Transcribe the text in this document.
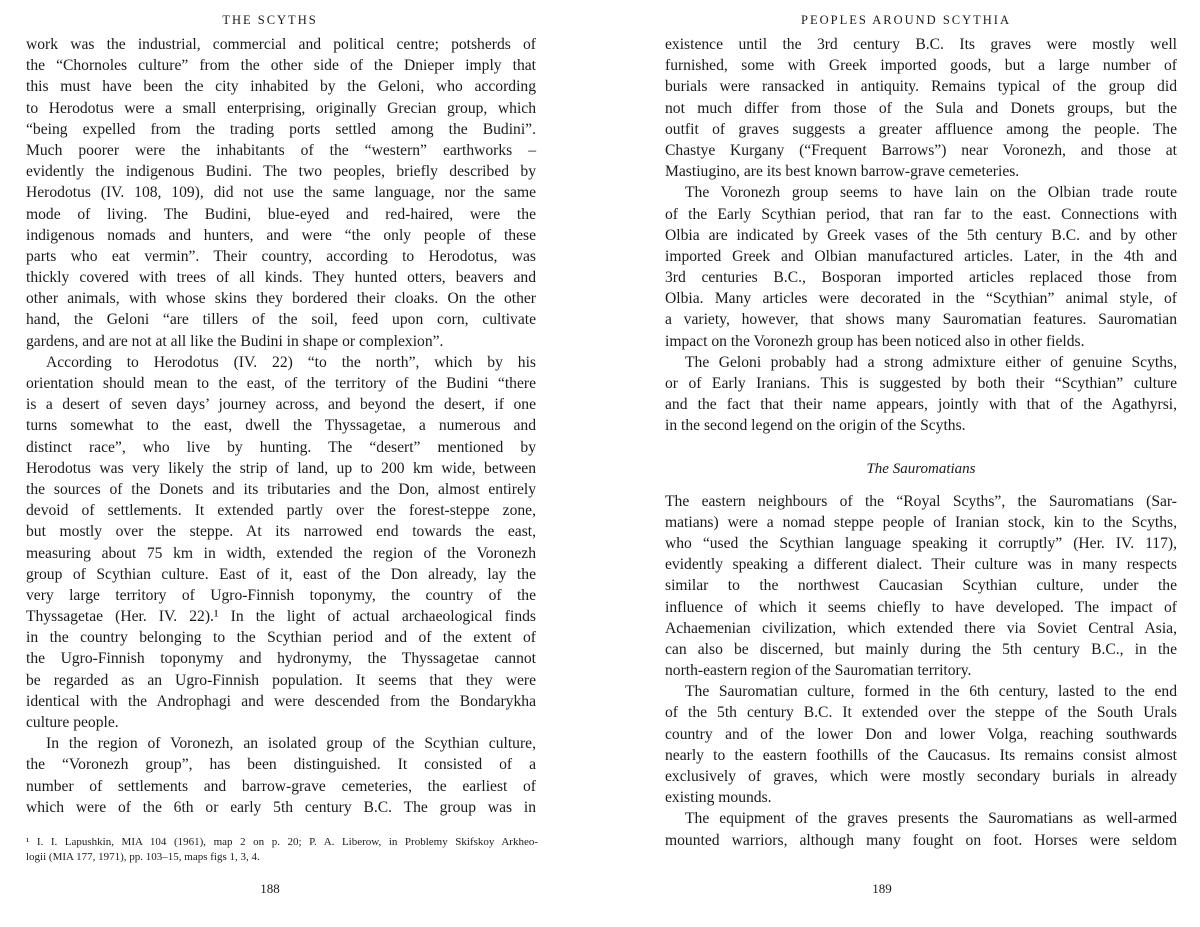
THE SCYTHS
work was the industrial, commercial and political centre; potsherds of
the “Chornoles culture” from the other side of the Dnieper imply that
this must have been the city inhabited by the Geloni, who according
to Herodotus were a small enterprising, originally Grecian group, which
“being expelled from the trading ports settled among the Budini”.
Much poorer were the inhabitants of the “western” earthworks –
evidently the indigenous Budini. The two peoples, briefly described by
Herodotus (IV. 108, 109), did not use the same language, nor the same
mode of living. The Budini, blue-eyed and red-haired, were the
indigenous nomads and hunters, and were “the only people of these
parts who eat vermin”. Their country, according to Herodotus, was
thickly covered with trees of all kinds. They hunted otters, beavers and
other animals, with whose skins they bordered their cloaks. On the other
hand, the Geloni “are tillers of the soil, feed upon corn, cultivate
gardens, and are not at all like the Budini in shape or complexion”.
According to Herodotus (IV. 22) “to the north”, which by his
orientation should mean to the east, of the territory of the Budini “there
is a desert of seven days’ journey across, and beyond the desert, if one
turns somewhat to the east, dwell the Thyssagetae, a numerous and
distinct race”, who live by hunting. The “desert” mentioned by
Herodotus was very likely the strip of land, up to 200 km wide, between
the sources of the Donets and its tributaries and the Don, almost entirely
devoid of settlements. It extended partly over the forest-steppe zone,
but mostly over the steppe. At its narrowed end towards the east,
measuring about 75 km in width, extended the region of the Voronezh
group of Scythian culture. East of it, east of the Don already, lay the
very large territory of Ugro-Finnish toponymy, the country of the
Thyssagetae (Her. IV. 22).¹ In the light of actual archaeological finds
in the country belonging to the Scythian period and of the extent of
the Ugro-Finnish toponymy and hydronymy, the Thyssagetae cannot
be regarded as an Ugro-Finnish population. It seems that they were
identical with the Androphagi and were descended from the Bondarykha
culture people.
In the region of Voronezh, an isolated group of the Scythian culture,
the “Voronezh group”, has been distinguished. It consisted of a
number of settlements and barrow-grave cemeteries, the earliest of
which were of the 6th or early 5th century B.C. The group was in
¹ I. I. Lapushkin, MIA 104 (1961), map 2 on p. 20; P. A. Liberow, in Problemy Skifskoy Arkheo-
logii (MIA 177, 1971), pp. 103–15, maps figs 1, 3, 4.
188
PEOPLES AROUND SCYTHIA
existence until the 3rd century B.C. Its graves were mostly well
furnished, some with Greek imported goods, but a large number of
burials were ransacked in antiquity. Remains typical of the group did
not much differ from those of the Sula and Donets groups, but the
outfit of graves suggests a greater affluence among the people. The
Chastye Kurgany (“Frequent Barrows”) near Voronezh, and those at
Mastiugino, are its best known barrow-grave cemeteries.
The Voronezh group seems to have lain on the Olbian trade route
of the Early Scythian period, that ran far to the east. Connections with
Olbia are indicated by Greek vases of the 5th century B.C. and by other
imported Greek and Olbian manufactured articles. Later, in the 4th and
3rd centuries B.C., Bosporan imported articles replaced those from
Olbia. Many articles were decorated in the “Scythian” animal style, of
a variety, however, that shows many Sauromatian features. Sauromatian
impact on the Voronezh group has been noticed also in other fields.
The Geloni probably had a strong admixture either of genuine Scyths,
or of Early Iranians. This is suggested by both their “Scythian” culture
and the fact that their name appears, jointly with that of the Agathyrsi,
in the second legend on the origin of the Scyths.
The Sauromatians
The eastern neighbours of the “Royal Scyths”, the Sauromatians (Sar-
matians) were a nomad steppe people of Iranian stock, kin to the Scyths,
who “used the Scythian language speaking it corruptly” (Her. IV. 117),
evidently speaking a different dialect. Their culture was in many respects
similar to the northwest Caucasian Scythian culture, under the
influence of which it seems chiefly to have developed. The impact of
Achaemenian civilization, which extended there via Soviet Central Asia,
can also be discerned, but mainly during the 5th century B.C., in the
north-eastern region of the Sauromatian territory.
The Sauromatian culture, formed in the 6th century, lasted to the end
of the 5th century B.C. It extended over the steppe of the South Urals
country and of the lower Don and lower Volga, reaching southwards
nearly to the eastern foothills of the Caucasus. Its remains consist almost
exclusively of graves, which were mostly secondary burials in already
existing mounds.
The equipment of the graves presents the Sauromatians as well-armed
mounted warriors, although many fought on foot. Horses were seldom
189
